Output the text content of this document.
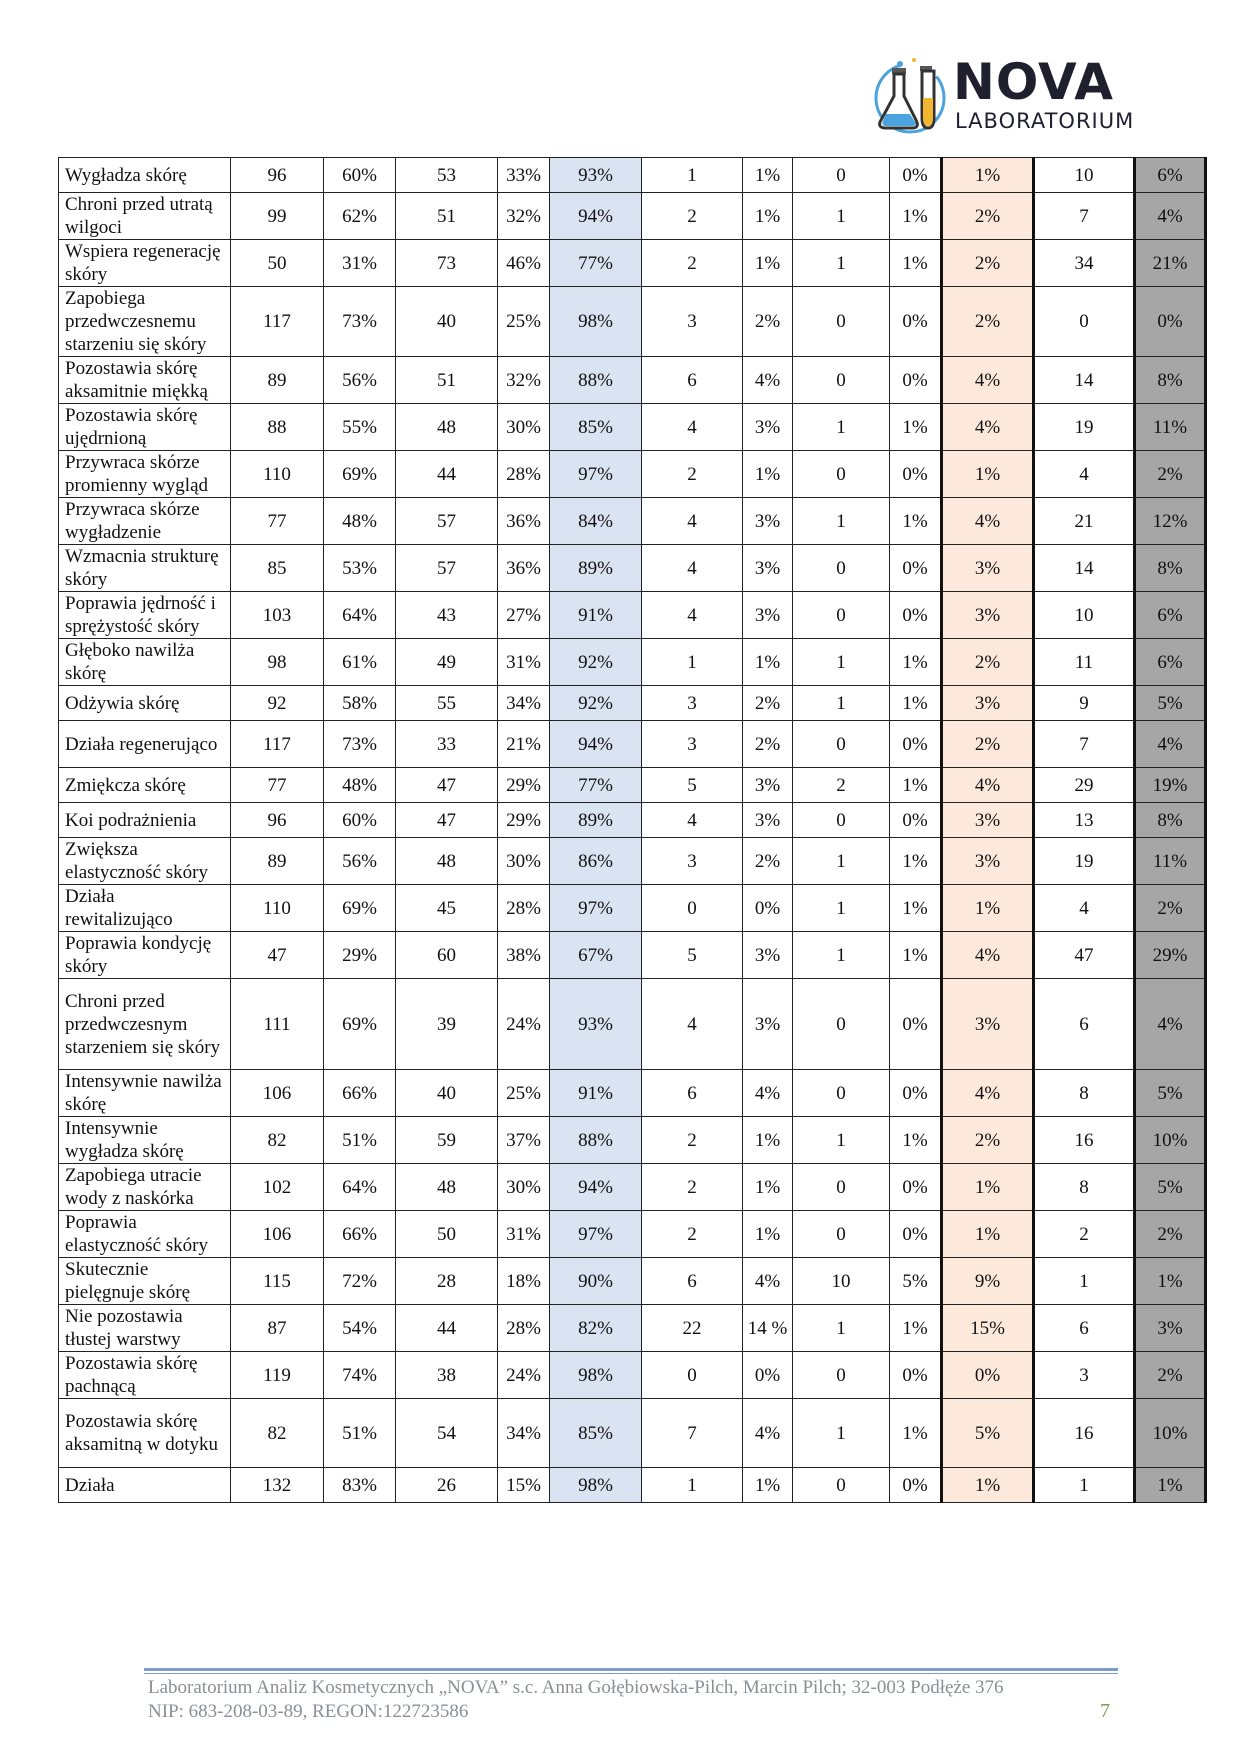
NOVA
LABORATORIUM
Wygładza skórę	96	60%	53	33%	93%	1	1%	0	0%	1%	10	6%
Chroni przed utratą wilgoci	99	62%	51	32%	94%	2	1%	1	1%	2%	7	4%
Wspiera regenerację skóry	50	31%	73	46%	77%	2	1%	1	1%	2%	34	21%
Zapobiega przedwczesnemu starzeniu się skóry	117	73%	40	25%	98%	3	2%	0	0%	2%	0	0%
Pozostawia skórę aksamitnie miękką	89	56%	51	32%	88%	6	4%	0	0%	4%	14	8%
Pozostawia skórę ujędrnioną	88	55%	48	30%	85%	4	3%	1	1%	4%	19	11%
Przywraca skórze promienny wygląd	110	69%	44	28%	97%	2	1%	0	0%	1%	4	2%
Przywraca skórze wygładzenie	77	48%	57	36%	84%	4	3%	1	1%	4%	21	12%
Wzmacnia strukturę skóry	85	53%	57	36%	89%	4	3%	0	0%	3%	14	8%
Poprawia jędrność i sprężystość skóry	103	64%	43	27%	91%	4	3%	0	0%	3%	10	6%
Głęboko nawilża skórę	98	61%	49	31%	92%	1	1%	1	1%	2%	11	6%
Odżywia skórę	92	58%	55	34%	92%	3	2%	1	1%	3%	9	5%
Działa regenerująco	117	73%	33	21%	94%	3	2%	0	0%	2%	7	4%
Zmiękcza skórę	77	48%	47	29%	77%	5	3%	2	1%	4%	29	19%
Koi podrażnienia	96	60%	47	29%	89%	4	3%	0	0%	3%	13	8%
Zwiększa elastyczność skóry	89	56%	48	30%	86%	3	2%	1	1%	3%	19	11%
Działa rewitalizująco	110	69%	45	28%	97%	0	0%	1	1%	1%	4	2%
Poprawia kondycję skóry	47	29%	60	38%	67%	5	3%	1	1%	4%	47	29%
Chroni przed przedwczesnym starzeniem się skóry	111	69%	39	24%	93%	4	3%	0	0%	3%	6	4%
Intensywnie nawilża skórę	106	66%	40	25%	91%	6	4%	0	0%	4%	8	5%
Intensywnie wygładza skórę	82	51%	59	37%	88%	2	1%	1	1%	2%	16	10%
Zapobiega utracie wody z naskórka	102	64%	48	30%	94%	2	1%	0	0%	1%	8	5%
Poprawia elastyczność skóry	106	66%	50	31%	97%	2	1%	0	0%	1%	2	2%
Skutecznie pielęgnuje skórę	115	72%	28	18%	90%	6	4%	10	5%	9%	1	1%
Nie pozostawia tłustej warstwy	87	54%	44	28%	82%	22	14 %	1	1%	15%	6	3%
Pozostawia skórę pachnącą	119	74%	38	24%	98%	0	0%	0	0%	0%	3	2%
Pozostawia skórę aksamitną w dotyku	82	51%	54	34%	85%	7	4%	1	1%	5%	16	10%
Działa	132	83%	26	15%	98%	1	1%	0	0%	1%	1	1%
Laboratorium Analiz Kosmetycznych „NOVA” s.c. Anna Gołębiowska-Pilch, Marcin Pilch; 32-003 Podłęże 376
NIP: 683-208-03-89, REGON:122723586	7
